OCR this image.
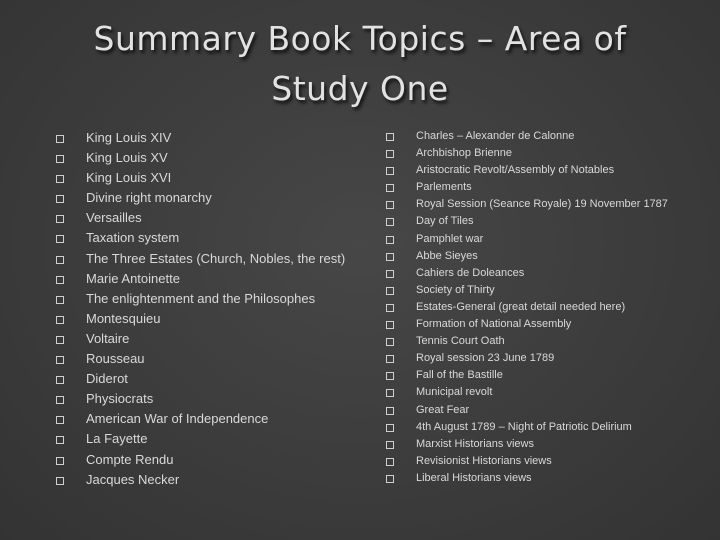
Summary Book Topics – Area of
Study One
King Louis XIV
King Louis XV
King Louis XVI
Divine right monarchy
Versailles
Taxation system
The Three Estates (Church, Nobles, the rest)
Marie Antoinette
The enlightenment and the Philosophes
Montesquieu
Voltaire
Rousseau
Diderot
Physiocrats
American War of Independence
La Fayette
Compte Rendu
Jacques Necker
Charles – Alexander de Calonne
Archbishop Brienne
Aristocratic Revolt/Assembly of Notables
Parlements
Royal Session (Seance Royale) 19 November 1787
Day of Tiles
Pamphlet war
Abbe Sieyes
Cahiers de Doleances
Society of Thirty
Estates-General (great detail needed here)
Formation of National Assembly
Tennis Court Oath
Royal session 23 June 1789
Fall of the Bastille
Municipal revolt
Great Fear
4th August 1789 – Night of Patriotic Delirium
Marxist Historians views
Revisionist Historians views
Liberal Historians views
